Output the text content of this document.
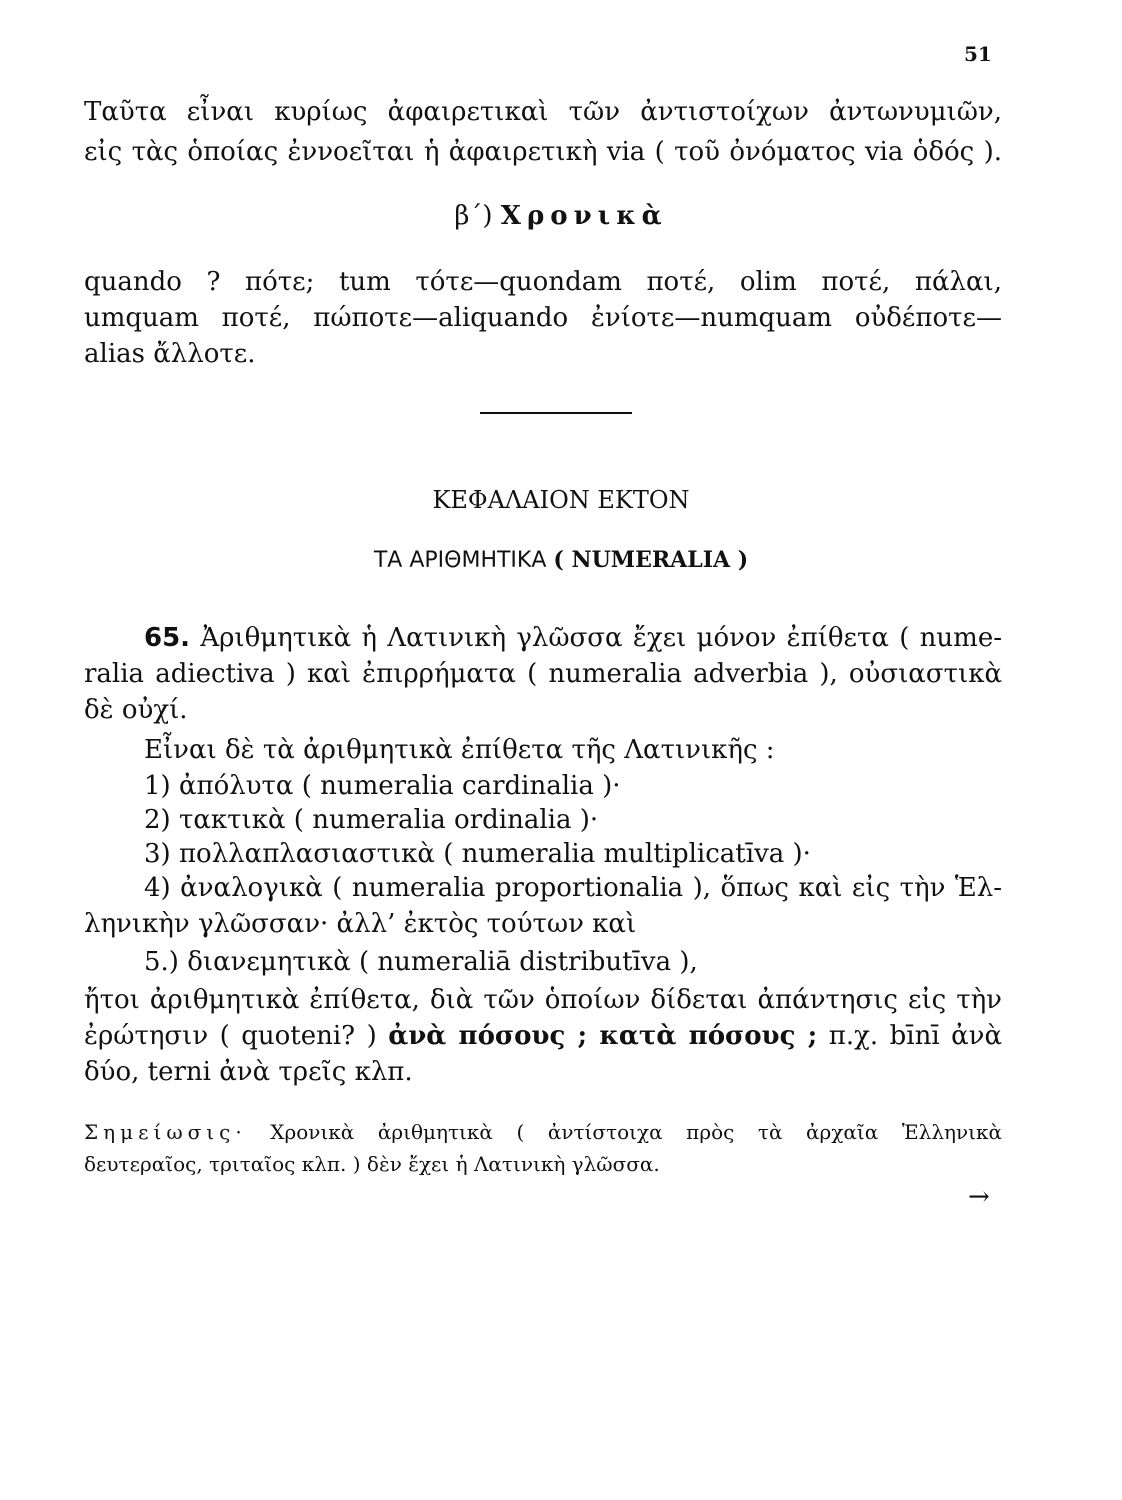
51
Ταῦτα εἶναι κυρίως ἀφαιρετικαὶ τῶν ἀντιστοίχων ἀντωνυμιῶν,
εἰς τὰς ὁποίας ἐννοεῖται ἡ ἀφαιρετικὴ via ( τοῦ ὀνόματος via ὁδός ).
β΄) Χρονικὰ
quando ? πότε; tum τότε—quondam ποτέ, olim ποτέ, πάλαι,
umquam ποτέ, πώποτε—aliquando ἐνίοτε—numquam οὐδέποτε—
alias ἄλλοτε.
ΚΕΦΑΛΑΙΟΝ ΕΚΤΟΝ
ΤΑ ΑΡΙΘΜΗΤΙΚΑ ( NUMERALIA )
65. Ἀριθμητικὰ ἡ Λατινικὴ γλῶσσα ἔχει μόνον ἐπίθετα ( nume-
ralia adiectiva ) καὶ ἐπιρρήματα ( numeralia adverbia ), οὐσιαστικὰ
δὲ οὐχί.
Εἶναι δὲ τὰ ἀριθμητικὰ ἐπίθετα τῆς Λατινικῆς :
1) ἀπόλυτα ( numeralia cardinalia )·
2) τακτικὰ ( numeralia ordinalia )·
3) πολλαπλασιαστικὰ ( numeralia multiplicatīva )·
4) ἀναλογικὰ ( numeralia proportionalia ), ὅπως καὶ εἰς τὴν Ἑλ-
ληνικὴν γλῶσσαν· ἀλλ’ ἐκτὸς τούτων καὶ
5.) διανεμητικὰ ( numeraliā distributīva ),
ἤτοι ἀριθμητικὰ ἐπίθετα, διὰ τῶν ὁποίων δίδεται ἀπάντησις εἰς τὴν
ἐρώτησιν ( quoteni? ) ἀνὰ πόσους ; κατὰ πόσους ; π.χ. bīnī ἀνὰ
δύο, terni ἀνὰ τρεῖς κλπ.
Σημείωσις· Χρονικὰ ἀριθμητικὰ ( ἀντίστοιχα πρὸς τὰ ἀρχαῖα Ἑλληνικὰ
δευτεραῖος, τριταῖος κλπ. ) δὲν ἔχει ἡ Λατινικὴ γλῶσσα.
→
